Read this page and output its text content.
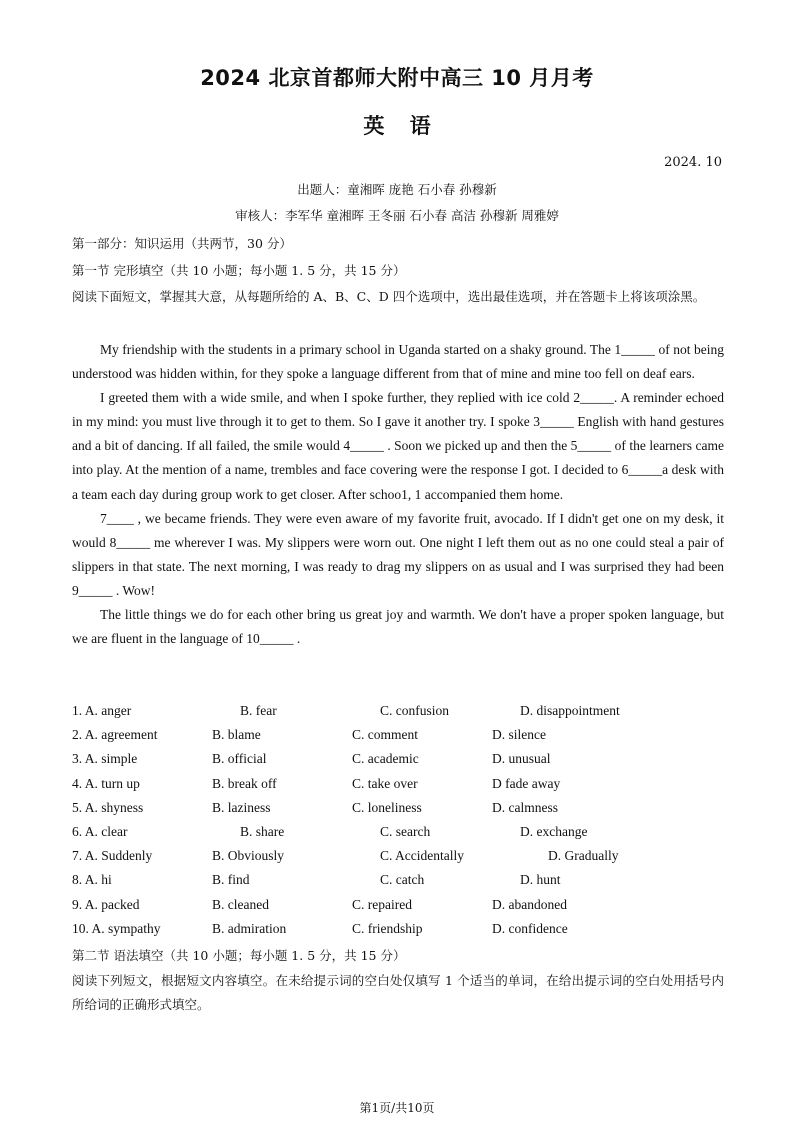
2024 北京首都师大附中高三 10 月月考
英 语
2024. 10
出题人：童湘晖 庞艳 石小春 孙穆新
审核人：李军华 童湘晖 王冬丽 石小春 高洁 孙穆新 周雅婷
第一部分：知识运用（共两节，30 分）
第一节 完形填空（共 10 小题；每小题 1. 5 分，共 15 分）
阅读下面短文，掌握其大意，从每题所给的 A、B、C、D 四个选项中，选出最佳选项，并在答题卡上将该项涂黑。

My friendship with the students in a primary school in Uganda started on a shaky ground. The 1_____ of not being understood was hidden within, for they spoke a language different from that of mine and mine too fell on deaf ears.

I greeted them with a wide smile, and when I spoke further, they replied with ice cold 2_____. A reminder echoed in my mind: you must live through it to get to them. So I gave it another try. I spoke 3_____ English with hand gestures and a bit of dancing. If all failed, the smile would 4_____ . Soon we picked up and then the 5_____ of the learners came into play. At the mention of a name, trembles and face covering were the response I got. I decided to 6_____a desk with a team each day during group work to get closer. After schoo1, 1 accompanied them home.

7____ , we became friends. They were even aware of my favorite fruit, avocado. If I didn't get one on my desk, it would 8_____ me wherever I was. My slippers were worn out. One night I left them out as no one could steal a pair of slippers in that state. The next morning, I was ready to drag my slippers on as usual and I was surprised they had been 9_____ . Wow!

The little things we do for each other bring us great joy and warmth. We don't have a proper spoken language, but we are fluent in the language of 10_____ .

1. A. anger	B. fear	C. confusion	D. disappointment
2. A. agreement	B. blame	C. comment	D. silence
3. A. simple	B. official	C. academic	D. unusual
4. A. turn up	B. break off	C. take over	D fade away
5. A. shyness	B. laziness	C. loneliness	D. calmness
6. A. clear	B. share	C. search	D. exchange
7. A. Suddenly	B. Obviously	C. Accidentally	D. Gradually
8. A. hi	B. find	C. catch	D. hunt
9. A. packed	B. cleaned	C. repaired	D. abandoned
10. A. sympathy	B. admiration	C. friendship	D. confidence
第二节 语法填空（共 10 小题；每小题 1. 5 分，共 15 分）
阅读下列短文，根据短文内容填空。在未给提示词的空白处仅填写 1 个适当的单词，在给出提示词的空白处用括号内所给词的正确形式填空。
第1页/共10页
